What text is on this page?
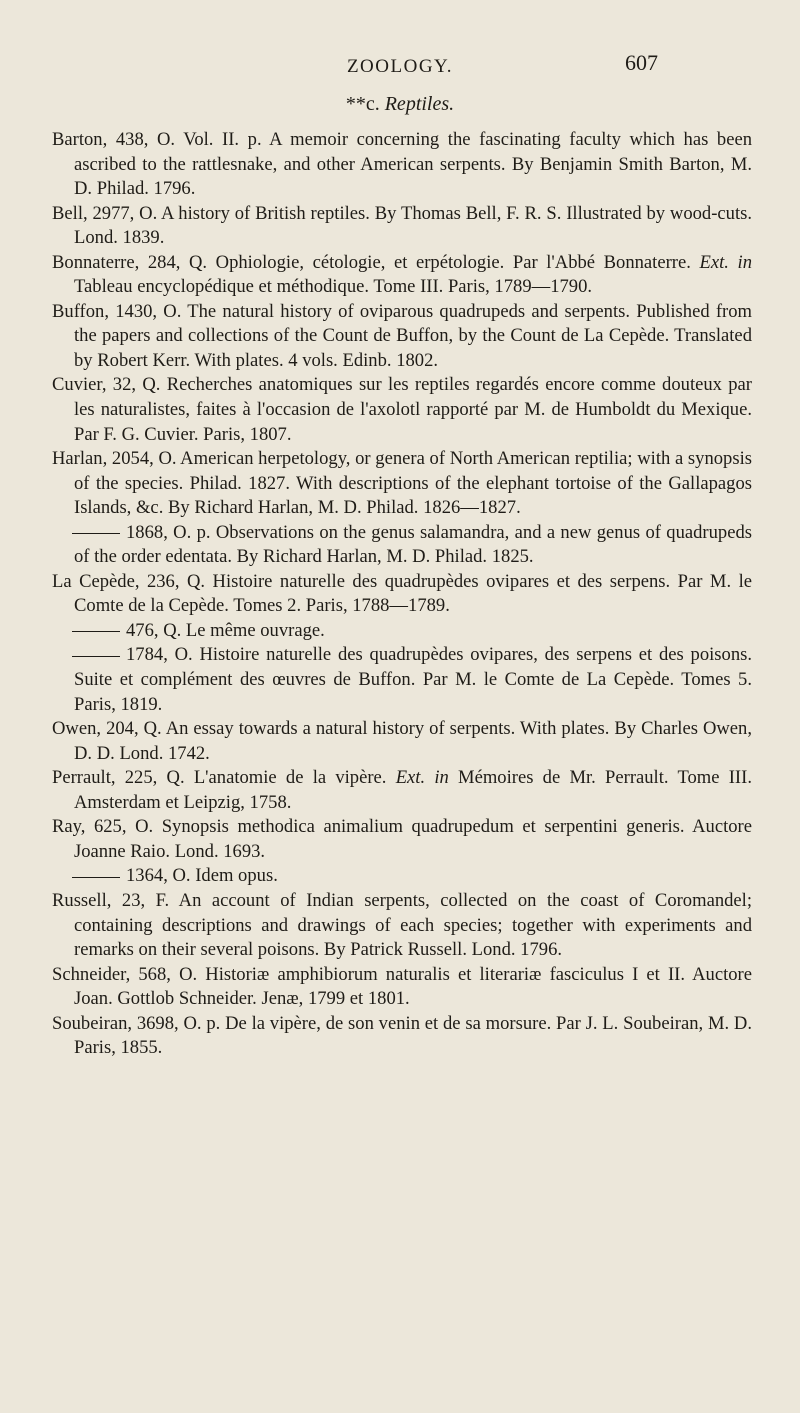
ZOOLOGY.	607
**c. Reptiles.

Barton, 438, O. Vol. II. p. A memoir concerning the fascinating faculty which has been ascribed to the rattlesnake, and other American serpents. By Benjamin Smith Barton, M. D. Philad. 1796.

Bell, 2977, O. A history of British reptiles. By Thomas Bell, F. R. S. Illustrated by wood-cuts. Lond. 1839.

Bonnaterre, 284, Q. Ophiologie, cétologie, et erpétologie. Par l'Abbé Bonnaterre. Ext. in Tableau encyclopédique et méthodique. Tome III. Paris, 1789—1790.

Buffon, 1430, O. The natural history of oviparous quadrupeds and serpents. Published from the papers and collections of the Count de Buffon, by the Count de La Cepède. Translated by Robert Kerr. With plates. 4 vols. Edinb. 1802.

Cuvier, 32, Q. Recherches anatomiques sur les reptiles regardés encore comme douteux par les naturalistes, faites à l'occasion de l'axolotl rapporté par M. de Humboldt du Mexique. Par F. G. Cuvier. Paris, 1807.

Harlan, 2054, O. American herpetology, or genera of North American reptilia; with a synopsis of the species. Philad. 1827. With descriptions of the elephant tortoise of the Gallapagos Islands, &c. By Richard Harlan, M. D. Philad. 1826—1827.

1868, O. p. Observations on the genus salamandra, and a new genus of quadrupeds of the order edentata. By Richard Harlan, M. D. Philad. 1825.

La Cepède, 236, Q. Histoire naturelle des quadrupèdes ovipares et des serpens. Par M. le Comte de la Cepède. Tomes 2. Paris, 1788—1789.

476, Q. Le même ouvrage.

1784, O. Histoire naturelle des quadrupèdes ovipares, des serpens et des poisons. Suite et complément des œuvres de Buffon. Par M. le Comte de La Cepède. Tomes 5. Paris, 1819.

Owen, 204, Q. An essay towards a natural history of serpents. With plates. By Charles Owen, D. D. Lond. 1742.

Perrault, 225, Q. L'anatomie de la vipère. Ext. in Mémoires de Mr. Perrault. Tome III. Amsterdam et Leipzig, 1758.

Ray, 625, O. Synopsis methodica animalium quadrupedum et serpentini generis. Auctore Joanne Raio. Lond. 1693.

1364, O. Idem opus.

Russell, 23, F. An account of Indian serpents, collected on the coast of Coromandel; containing descriptions and drawings of each species; together with experiments and remarks on their several poisons. By Patrick Russell. Lond. 1796.

Schneider, 568, O. Historiæ amphibiorum naturalis et literariæ fasciculus I et II. Auctore Joan. Gottlob Schneider. Jenæ, 1799 et 1801.

Soubeiran, 3698, O. p. De la vipère, de son venin et de sa morsure. Par J. L. Soubeiran, M. D. Paris, 1855.
